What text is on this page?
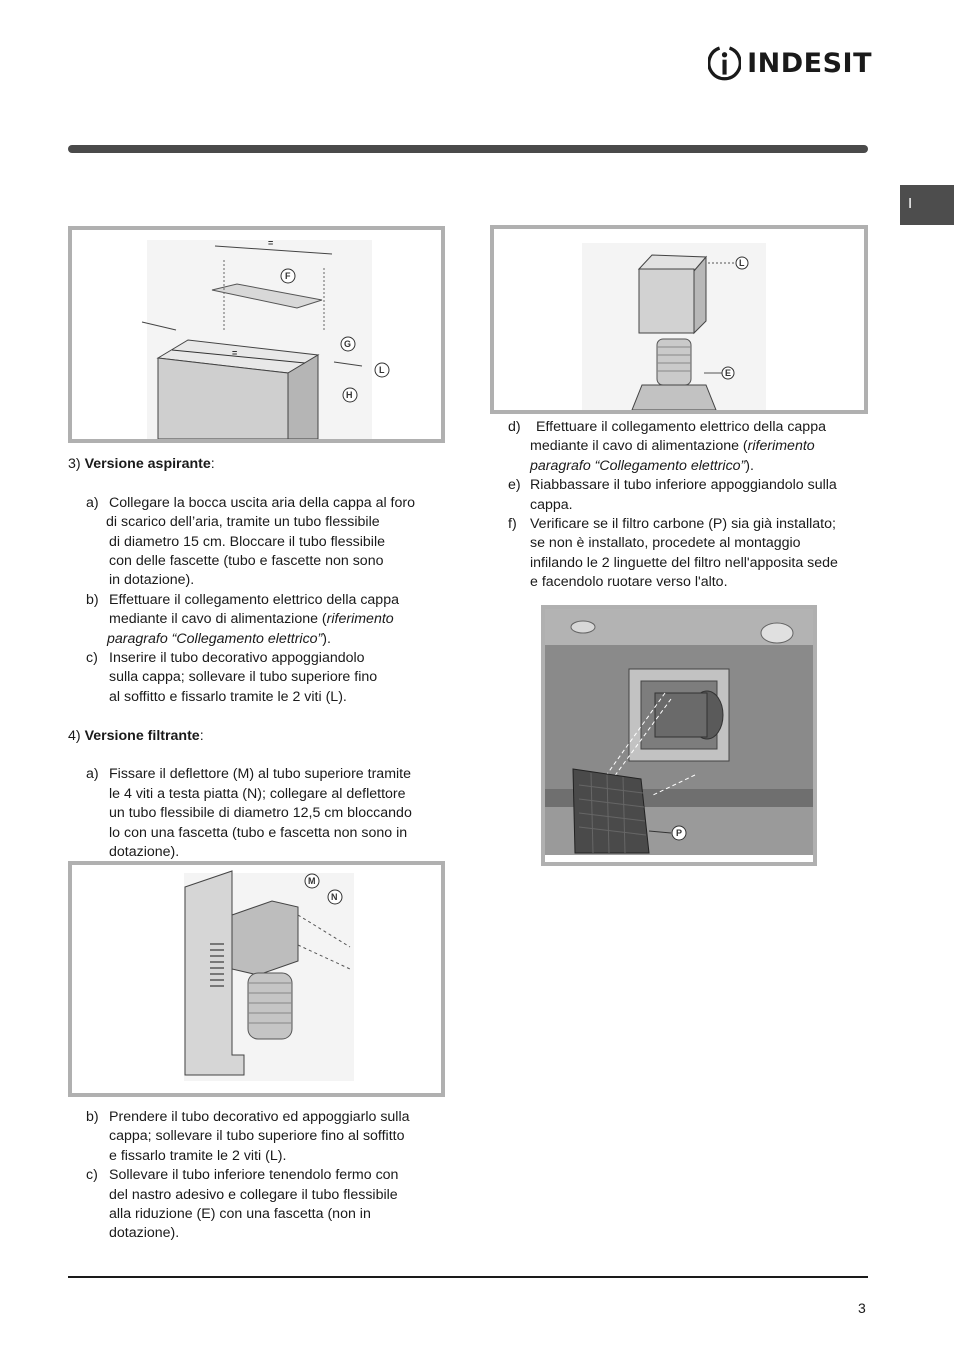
INDESIT
I
=
F
=
G
L
H

3) Versione aspirante:

a) Collegare la bocca uscita aria della cappa al foro
di scarico dell’aria, tramite un tubo flessibile
di diametro 15 cm. Bloccare il tubo flessibile
con delle fascette (tubo e fascette non sono
in dotazione).
b) Effettuare il collegamento elettrico della cappa
mediante il cavo di alimentazione (riferimento
paragrafo “Collegamento elettrico”).
c) Inserire il tubo decorativo appoggiandolo
sulla cappa; sollevare il tubo superiore fino
al soffitto e fissarlo tramite le 2 viti (L).

4) Versione filtrante:

a) Fissare il deflettore (M) al tubo superiore tramite
le 4 viti a testa piatta (N); collegare al deflettore
un tubo flessibile di diametro 12,5 cm bloccando
lo con una fascetta (tubo e fascetta non sono in
dotazione).
M
N
b) Prendere il tubo decorativo ed appoggiarlo sulla
cappa; sollevare il tubo superiore fino al soffitto
e fissarlo tramite le 2 viti (L).
c) Sollevare il tubo inferiore tenendolo fermo con
del nastro adesivo e collegare il tubo flessibile
alla riduzione (E) con una fascetta (non in
dotazione).
L
E
d) Effettuare il collegamento elettrico della cappa
mediante il cavo di alimentazione (riferimento
paragrafo “Collegamento elettrico”).
e) Riabbassare il tubo inferiore appoggiandolo sulla
cappa.
f) Verificare se il filtro carbone (P) sia già installato;
se non è installato, procedete al montaggio
infilando le 2 linguette del filtro nell'apposita sede
e facendolo ruotare verso l'alto.
P
3
